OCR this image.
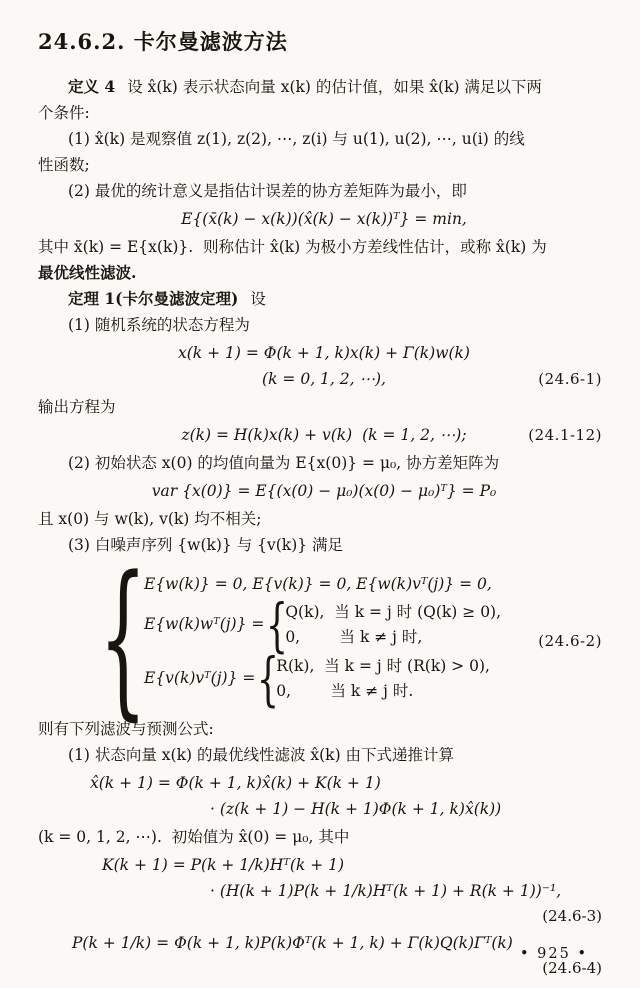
24.6.2. 卡尔曼滤波方法

定义 4 设 x̂(k) 表示状态向量 x(k) 的估计值，如果 x̂(k) 满足以下两

个条件:

(1) x̂(k) 是观察值 z(1), z(2), ⋯, z(i) 与 u(1), u(2), ⋯, u(i) 的线

性函数;

(2) 最优的统计意义是指估计误差的协方差矩阵为最小，即

E{(x̄(k) − x(k))(x̂(k) − x(k))ᵀ} = min,

其中 x̄(k) = E{x(k)}.  则称估计 x̂(k) 为极小方差线性估计，或称 x̂(k) 为

最优线性滤波.

定理 1(卡尔曼滤波定理) 设

(1) 随机系统的状态方程为

x(k + 1) = Φ(k + 1, k)x(k) + Γ(k)w(k)
(k = 0, 1, 2, ⋯),	(24.6-1)

输出方程为

z(k) = H(k)x(k) + v(k)  (k = 1, 2, ⋯);	(24.1-12)

(2) 初始状态 x(0) 的均值向量为 E{x(0)} = μ₀, 协方差矩阵为

var {x(0)} = E{(x(0) − μ₀)(x(0) − μ₀)ᵀ} = P₀

且 x(0) 与 w(k), v(k) 均不相关;

(3) 白噪声序列 {w(k)} 与 {v(k)} 满足

{
E{w(k)} = 0, E{v(k)} = 0, E{w(k)vᵀ(j)} = 0,
E{w(k)wᵀ(j)} =
{
Q(k),  当 k = j 时 (Q(k) ≥ 0),
0,        当 k ≠ j 时,
E{v(k)vᵀ(j)} =
{
R(k),  当 k = j 时 (R(k) > 0),
0,        当 k ≠ j 时.
(24.6-2)

则有下列滤波与预测公式:

(1) 状态向量 x(k) 的最优线性滤波 x̂(k) 由下式递推计算

x̂(k + 1) = Φ(k + 1, k)x̂(k) + K(k + 1)
· (z(k + 1) − H(k + 1)Φ(k + 1, k)x̂(k))

(k = 0, 1, 2, ⋯).  初始值为 x̂(0) = μ₀, 其中

K(k + 1) = P(k + 1/k)Hᵀ(k + 1)
· (H(k + 1)P(k + 1/k)Hᵀ(k + 1) + R(k + 1))⁻¹,
(24.6-3)
P(k + 1/k) = Φ(k + 1, k)P(k)Φᵀ(k + 1, k) + Γ(k)Q(k)Γᵀ(k)
(24.6-4)
• 925 •
